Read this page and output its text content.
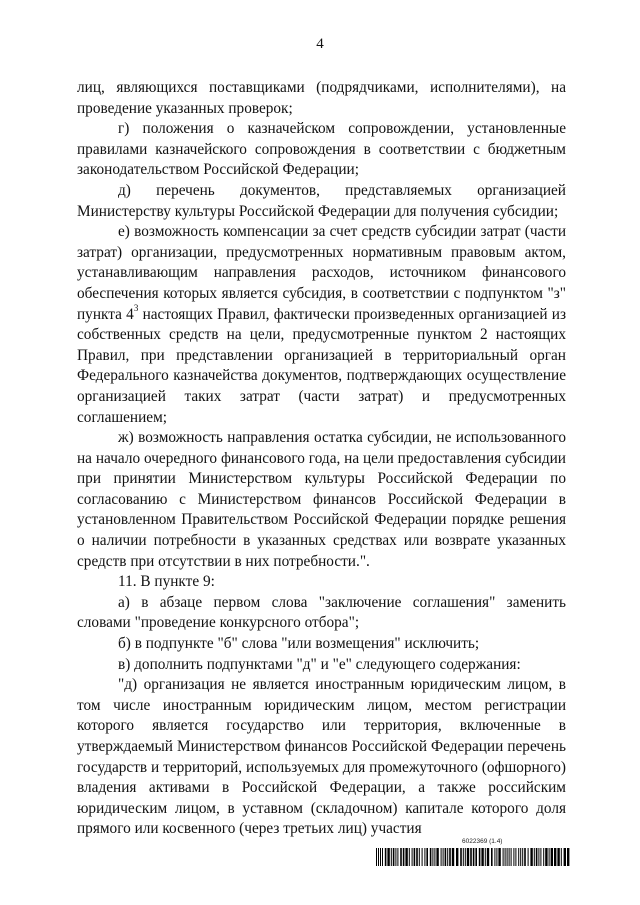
4

лиц, являющихся поставщиками (подрядчиками, исполнителями), на проведение указанных проверок;

г) положения о казначейском сопровождении, установленные правилами казначейского сопровождения в соответствии с бюджетным законодательством Российской Федерации;

д) перечень документов, представляемых организацией Министерству культуры Российской Федерации для получения субсидии;

е) возможность компенсации за счет средств субсидии затрат (части затрат) организации, предусмотренных нормативным правовым актом, устанавливающим направления расходов, источником финансового обеспечения которых является субсидия, в соответствии с подпунктом "з" пункта $4^3$ настоящих Правил, фактически произведенных организацией из собственных средств на цели, предусмотренные пунктом 2 настоящих Правил, при представлении организацией в территориальный орган Федерального казначейства документов, подтверждающих осуществление организацией таких затрат (части затрат) и предусмотренных соглашением;

ж) возможность направления остатка субсидии, не использованного на начало очередного финансового года, на цели предоставления субсидии при принятии Министерством культуры Российской Федерации по согласованию с Министерством финансов Российской Федерации в установленном Правительством Российской Федерации порядке решения о наличии потребности в указанных средствах или возврате указанных средств при отсутствии в них потребности.".

11. В пункте 9:

а) в абзаце первом слова "заключение соглашения" заменить словами "проведение конкурсного отбора";

б) в подпункте "б" слова "или возмещения" исключить;

в) дополнить подпунктами "д" и "е" следующего содержания:

"д) организация не является иностранным юридическим лицом, в том числе иностранным юридическим лицом, местом регистрации которого является государство или территория, включенные в утверждаемый Министерством финансов Российской Федерации перечень государств и территорий, используемых для промежуточного (офшорного) владения активами в Российской Федерации, а также российским юридическим лицом, в уставном (складочном) капитале которого доля прямого или косвенного (через третьих лиц) участия

6022369 (1.4)
